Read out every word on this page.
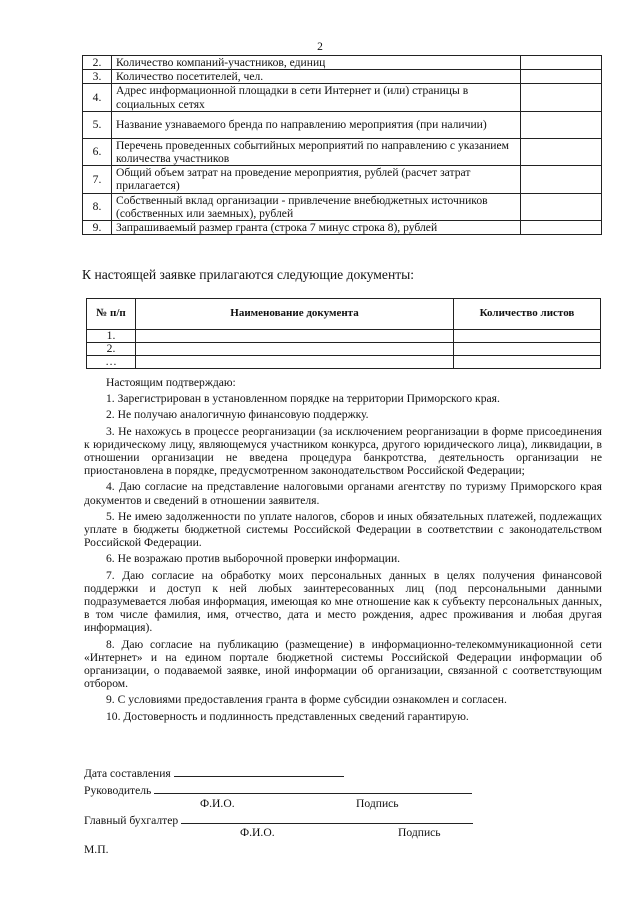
2
2.	Количество компаний-участников, единиц	
3.	Количество посетителей, чел.	
4.	Адрес информационной площадки в сети Интернет и (или) страницы в социальных сетях	
5.	Название узнаваемого бренда по направлению мероприятия (при наличии)	
6.	Перечень проведенных событийных мероприятий по направлению с указанием количества участников	
7.	Общий объем затрат на проведение мероприятия, рублей (расчет затрат прилагается)	
8.	Собственный вклад организации - привлечение внебюджетных источников (собственных или заемных), рублей	
9.	Запрашиваемый размер гранта (строка 7 минус строка 8), рублей	
К настоящей заявке прилагаются следующие документы:
№ п/п	Наименование документа	Количество листов
1.		
2.		
…		

Настоящим подтверждаю:

1. Зарегистрирован в установленном порядке на территории Приморского края.

2. Не получаю аналогичную финансовую поддержку.

3. Не нахожусь в процессе реорганизации (за исключением реорганизации в форме присоединения к юридическому лицу, являющемуся участником конкурса, другого юридического лица), ликвидации, в отношении организации не введена процедура банкротства, деятельность организации не приостановлена в порядке, предусмотренном законодательством Российской Федерации;

4. Даю согласие на представление налоговыми органами агентству по туризму Приморского края документов и сведений в отношении заявителя.

5. Не имею задолженности по уплате налогов, сборов и иных обязательных платежей, подлежащих уплате в бюджеты бюджетной системы Российской Федерации в соответствии с законодательством Российской Федерации.

6. Не возражаю против выборочной проверки информации.

7. Даю согласие на обработку моих персональных данных в целях получения финансовой поддержки и доступ к ней любых заинтересованных лиц (под персональными данными подразумевается любая информация, имеющая ко мне отношение как к субъекту персональных данных, в том числе фамилия, имя, отчество, дата и место рождения, адрес проживания и любая другая информация).

8. Даю согласие на публикацию (размещение) в информационно-телекоммуникационной сети «Интернет» и на едином портале бюджетной системы Российской Федерации информации об организации, о подаваемой заявке, иной информации об организации, связанной с соответствующим отбором.

9. С условиями предоставления гранта в форме субсидии ознакомлен и согласен.

10. Достоверность и подлинность представленных сведений гарантирую.

Дата составления
Руководитель
Ф.И.О.	Подпись
Главный бухгалтер
Ф.И.О.	Подпись
М.П.
